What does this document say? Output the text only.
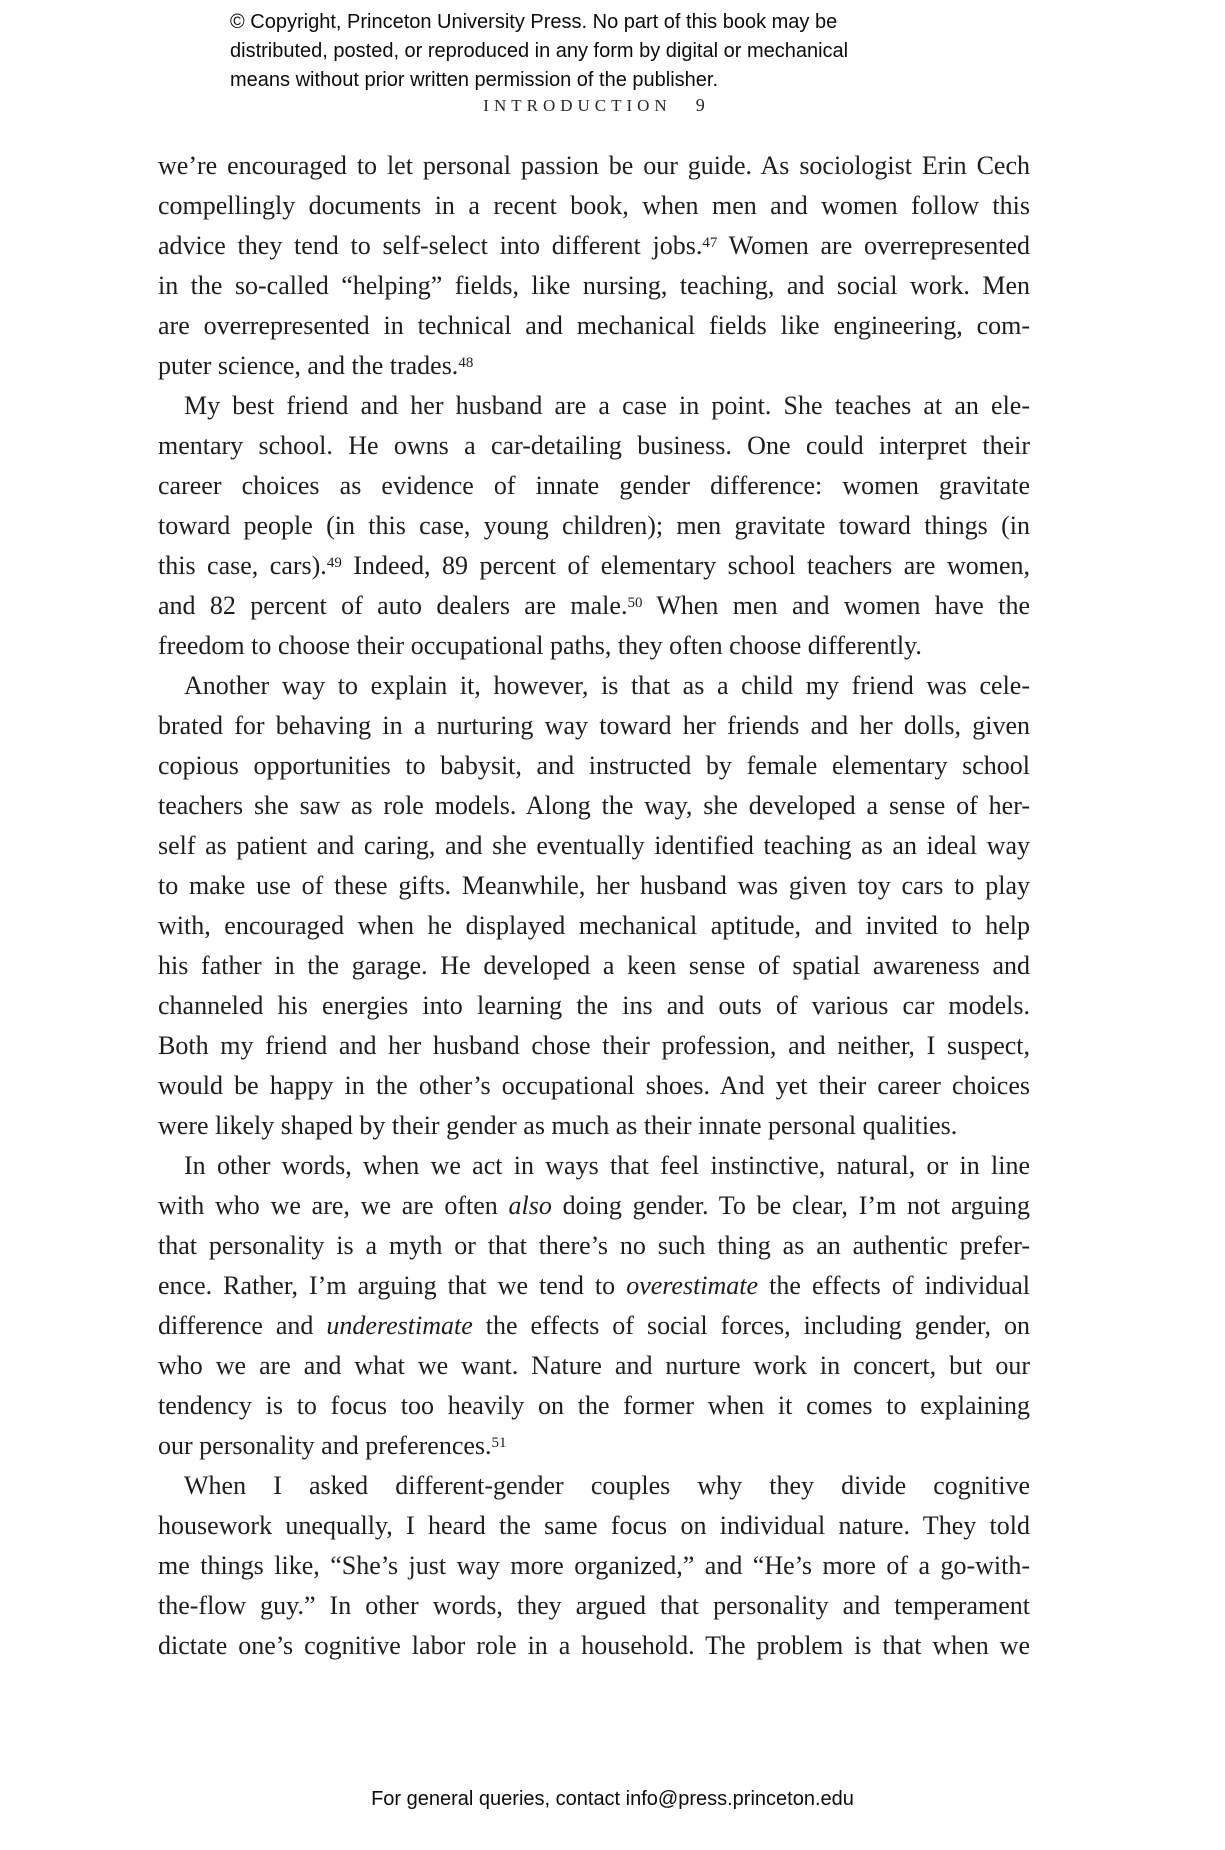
© Copyright, Princeton University Press. No part of this book may be
distributed, posted, or reproduced in any form by digital or mechanical
means without prior written permission of the publisher.
INTRODUCTION 9
we’re encouraged to let personal passion be our guide. As sociologist Erin Cech
compellingly documents in a recent book, when men and women follow this
advice they tend to self-select into different jobs.$^{47}$ Women are overrepresented
in the so-called “helping” fields, like nursing, teaching, and social work. Men
are overrepresented in technical and mechanical fields like engineering, com-
puter science, and the trades.$^{48}$
My best friend and her husband are a case in point. She teaches at an ele-
mentary school. He owns a car-detailing business. One could interpret their
career choices as evidence of innate gender difference: women gravitate
toward people (in this case, young children); men gravitate toward things (in
this case, cars).$^{49}$ Indeed, 89 percent of elementary school teachers are women,
and 82 percent of auto dealers are male.$^{50}$ When men and women have the
freedom to choose their occupational paths, they often choose differently.
Another way to explain it, however, is that as a child my friend was cele-
brated for behaving in a nurturing way toward her friends and her dolls, given
copious opportunities to babysit, and instructed by female elementary school
teachers she saw as role models. Along the way, she developed a sense of her-
self as patient and caring, and she eventually identified teaching as an ideal way
to make use of these gifts. Meanwhile, her husband was given toy cars to play
with, encouraged when he displayed mechanical aptitude, and invited to help
his father in the garage. He developed a keen sense of spatial awareness and
channeled his energies into learning the ins and outs of various car models.
Both my friend and her husband chose their profession, and neither, I suspect,
would be happy in the other’s occupational shoes. And yet their career choices
were likely shaped by their gender as much as their innate personal qualities.
In other words, when we act in ways that feel instinctive, natural, or in line
with who we are, we are often also doing gender. To be clear, I’m not arguing
that personality is a myth or that there’s no such thing as an authentic prefer-
ence. Rather, I’m arguing that we tend to overestimate the effects of individual
difference and underestimate the effects of social forces, including gender, on
who we are and what we want. Nature and nurture work in concert, but our
tendency is to focus too heavily on the former when it comes to explaining
our personality and preferences.$^{51}$
When I asked different-gender couples why they divide cognitive
housework unequally, I heard the same focus on individual nature. They told
me things like, “She’s just way more organized,” and “He’s more of a go-with-
the-flow guy.” In other words, they argued that personality and temperament
dictate one’s cognitive labor role in a household. The problem is that when we
For general queries, contact info@press.princeton.edu
